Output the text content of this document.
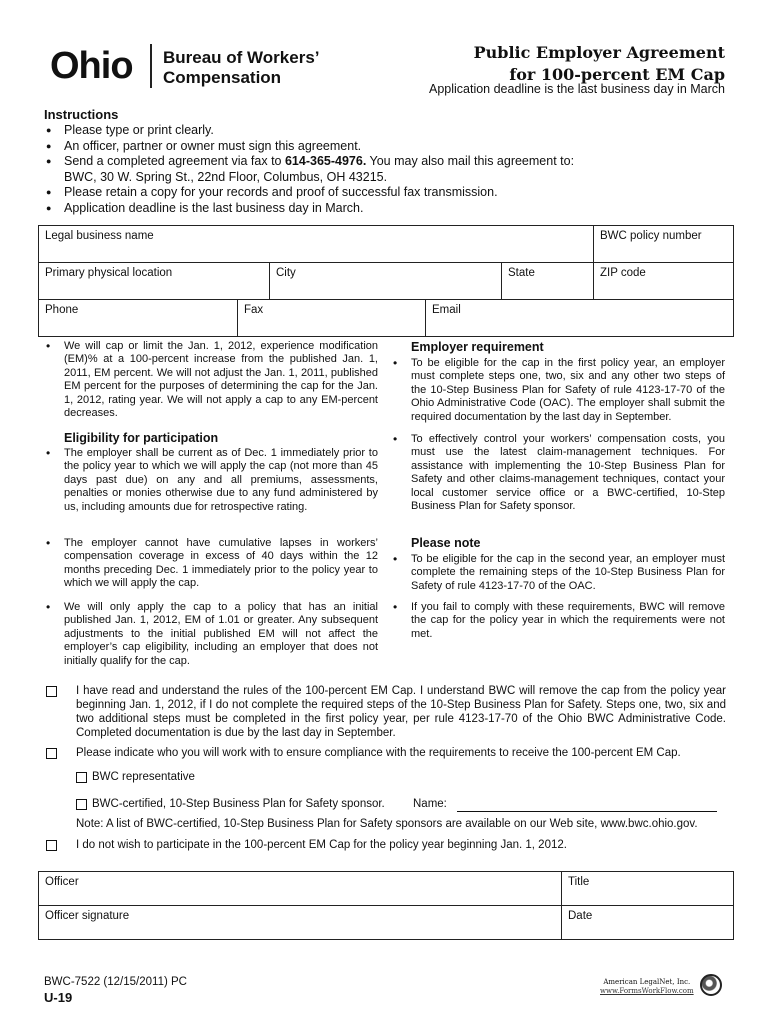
Ohio Bureau of Workers’
Compensation
Public Employer Agreement
for 100-percent EM Cap
Application deadline is the last business day in March
Instructions
● Please type or print clearly.
● An officer, partner or owner must sign this agreement.
● Send a completed agreement via fax to 614-365-4976. You may also mail this agreement to:
BWC, 30 W. Spring St., 22nd Floor, Columbus, OH 43215.
● Please retain a copy for your records and proof of successful fax transmission.
● Application deadline is the last business day in March.
Legal business name	BWC policy number
Primary physical location	City	State	ZIP code
Phone	Fax	Email
• We will cap or limit the Jan. 1, 2012, experience modification (EM)% at a 100-percent increase from the published Jan. 1, 2011, EM percent. We will not adjust the Jan. 1, 2011, published EM percent for the purposes of determining the cap for the Jan. 1, 2012, rating year. We will not apply a cap to any EM-percent decreases.
Eligibility for participation
• The employer shall be current as of Dec. 1 immediately prior to the policy year to which we will apply the cap (not more than 45 days past due) on any and all premiums, assessments, penalties or monies otherwise due to any fund administered by us, including amounts due for retrospective rating.
• The employer cannot have cumulative lapses in workers’ compensation coverage in excess of 40 days within the 12 months preceding Dec. 1 immediately prior to the policy year to which we will apply the cap.
• We will only apply the cap to a policy that has an initial published Jan. 1, 2012, EM of 1.01 or greater. Any subsequent adjustments to the initial published EM will not affect the employer’s cap eligibility, including an employer that does not initially qualify for the cap.
Employer requirement
• To be eligible for the cap in the first policy year, an employer must complete steps one, two, six and any other two steps of the 10-Step Business Plan for Safety of rule 4123-17-70 of the Ohio Administrative Code (OAC). The employer shall submit the required documentation by the last day in September.
• To effectively control your workers’ compensation costs, you must use the latest claim-management techniques. For assistance with implementing the 10-Step Business Plan for Safety and other claims-management techniques, contact your local customer service office or a BWC-certified, 10-Step Business Plan for Safety sponsor.
Please note
• To be eligible for the cap in the second year, an employer must complete the remaining steps of the 10-Step Business Plan for Safety of rule 4123-17-70 of the OAC.
• If you fail to comply with these requirements, BWC will remove the cap for the policy year in which the requirements were not met.
I have read and understand the rules of the 100-percent EM Cap. I understand BWC will remove the cap from the policy year beginning Jan. 1, 2012, if I do not complete the required steps of the 10-Step Business Plan for Safety. Steps one, two, six and two additional steps must be completed in the first policy year, per rule 4123-17-70 of the Ohio BWC Administrative Code. Completed documentation is due by the last day in September.
Please indicate who you will work with to ensure compliance with the requirements to receive the 100-percent EM Cap.
BWC representative
BWC-certified, 10-Step Business Plan for Safety sponsor. Name:
Note: A list of BWC-certified, 10-Step Business Plan for Safety sponsors are available on our Web site, www.bwc.ohio.gov.
I do not wish to participate in the 100-percent EM Cap for the policy year beginning Jan. 1, 2012.
Officer	Title
Officer signature	Date
BWC-7522 (12/15/2011) PC
U-19
American LegalNet, Inc.
www.FormsWorkFlow.com
